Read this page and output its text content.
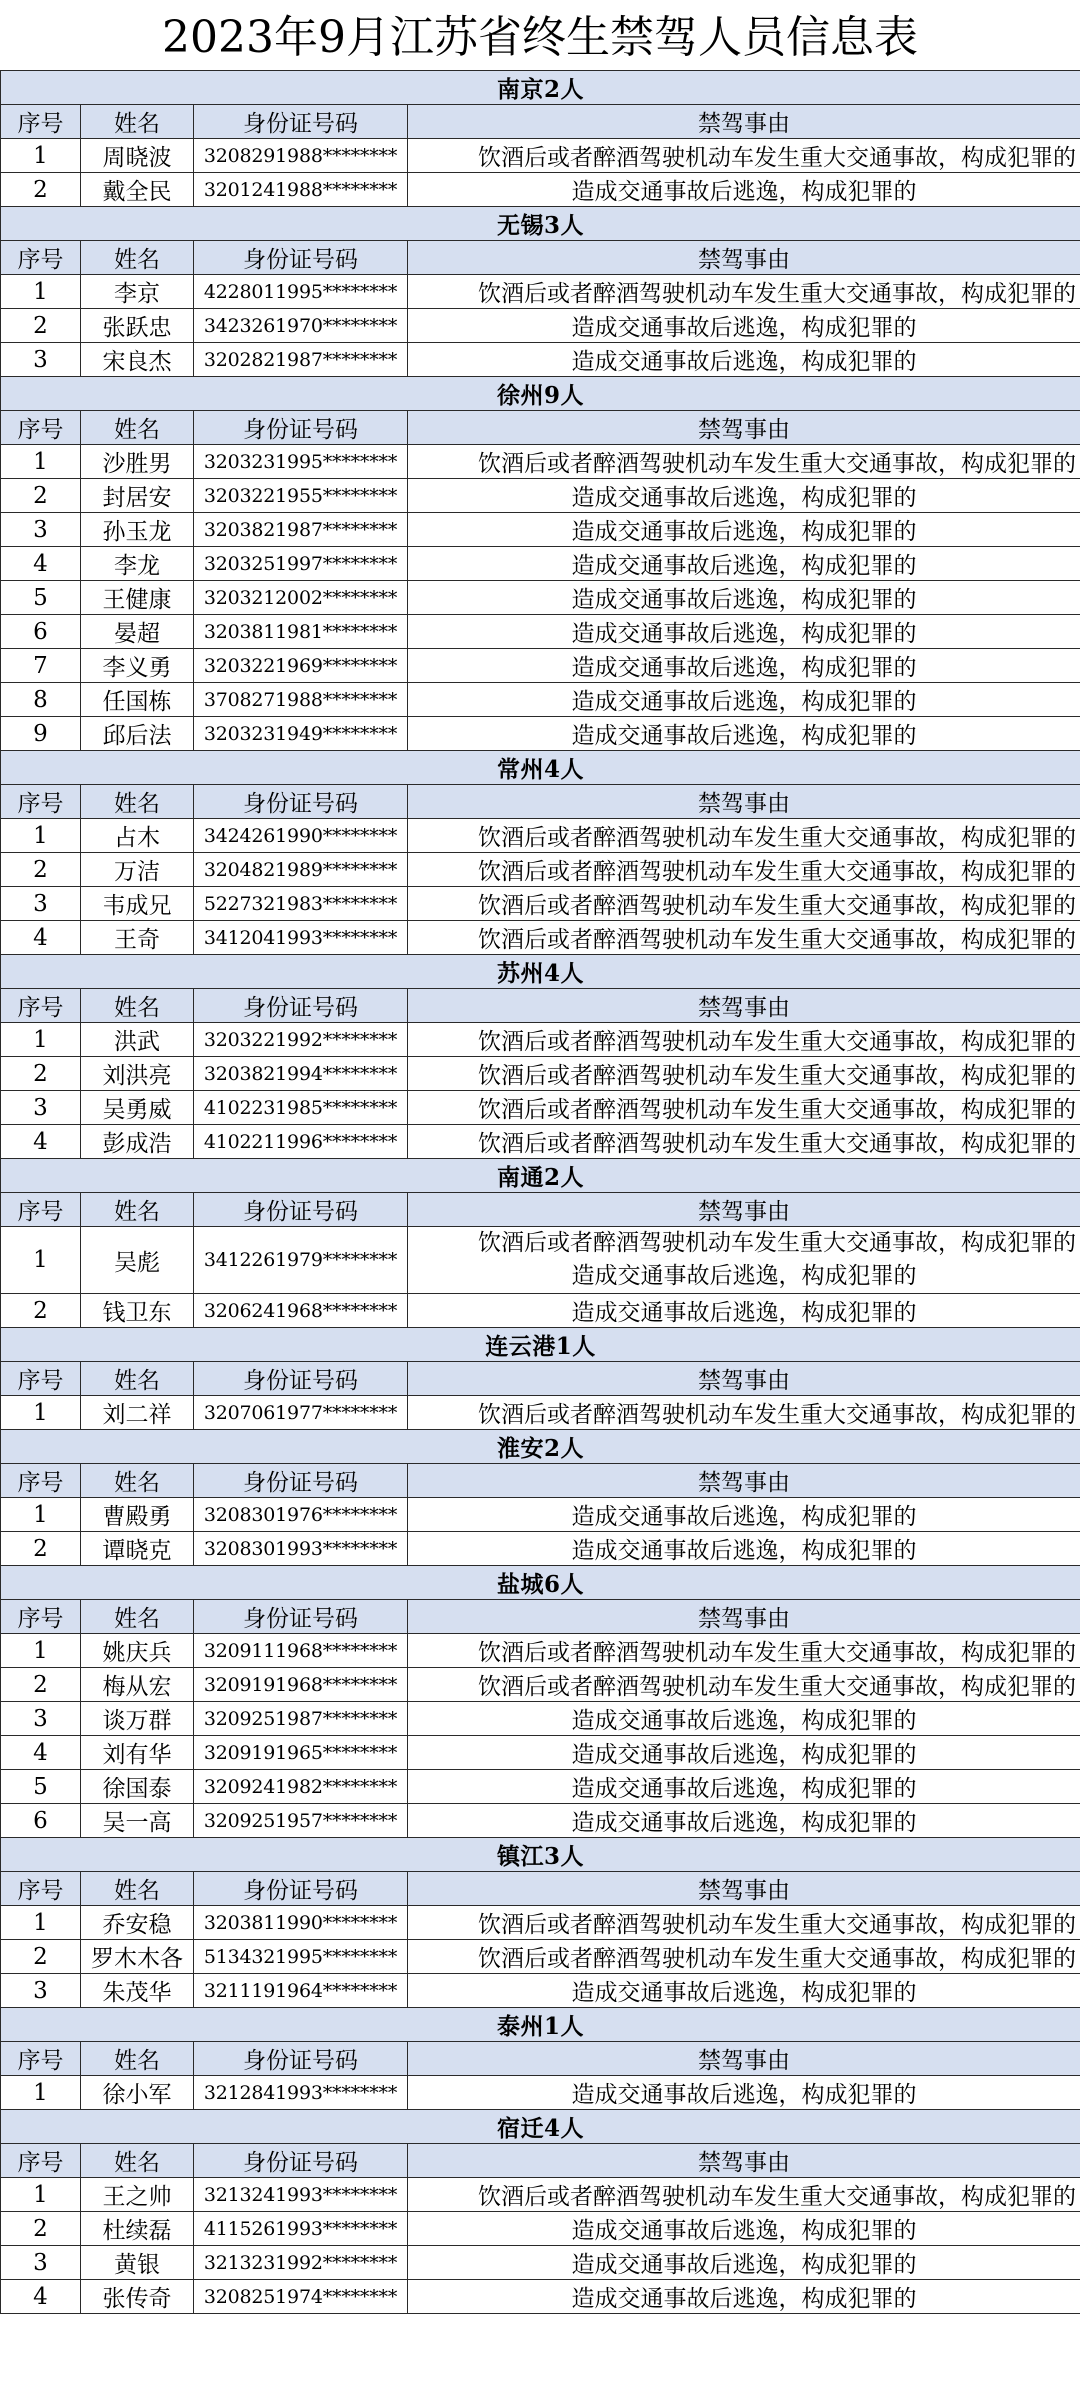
2023年9月江苏省终生禁驾人员信息表
南京2人			
序号	姓名	身份证号码	禁驾事由
1	周晓波	3208291988********	饮酒后或者醉酒驾驶机动车发生重大交通事故，构成犯罪的
2	戴全民	3201241988********	造成交通事故后逃逸，构成犯罪的
无锡3人			
序号	姓名	身份证号码	禁驾事由
1	李京	4228011995********	饮酒后或者醉酒驾驶机动车发生重大交通事故，构成犯罪的
2	张跃忠	3423261970********	造成交通事故后逃逸，构成犯罪的
3	宋良杰	3202821987********	造成交通事故后逃逸，构成犯罪的
徐州9人			
序号	姓名	身份证号码	禁驾事由
1	沙胜男	3203231995********	饮酒后或者醉酒驾驶机动车发生重大交通事故，构成犯罪的
2	封居安	3203221955********	造成交通事故后逃逸，构成犯罪的
3	孙玉龙	3203821987********	造成交通事故后逃逸，构成犯罪的
4	李龙	3203251997********	造成交通事故后逃逸，构成犯罪的
5	王健康	3203212002********	造成交通事故后逃逸，构成犯罪的
6	晏超	3203811981********	造成交通事故后逃逸，构成犯罪的
7	李义勇	3203221969********	造成交通事故后逃逸，构成犯罪的
8	任国栋	3708271988********	造成交通事故后逃逸，构成犯罪的
9	邱后法	3203231949********	造成交通事故后逃逸，构成犯罪的
常州4人			
序号	姓名	身份证号码	禁驾事由
1	占木	3424261990********	饮酒后或者醉酒驾驶机动车发生重大交通事故，构成犯罪的
2	万洁	3204821989********	饮酒后或者醉酒驾驶机动车发生重大交通事故，构成犯罪的
3	韦成兄	5227321983********	饮酒后或者醉酒驾驶机动车发生重大交通事故，构成犯罪的
4	王奇	3412041993********	饮酒后或者醉酒驾驶机动车发生重大交通事故，构成犯罪的
苏州4人			
序号	姓名	身份证号码	禁驾事由
1	洪武	3203221992********	饮酒后或者醉酒驾驶机动车发生重大交通事故，构成犯罪的
2	刘洪亮	3203821994********	饮酒后或者醉酒驾驶机动车发生重大交通事故，构成犯罪的
3	吴勇威	4102231985********	饮酒后或者醉酒驾驶机动车发生重大交通事故，构成犯罪的
4	彭成浩	4102211996********	饮酒后或者醉酒驾驶机动车发生重大交通事故，构成犯罪的
南通2人			
序号	姓名	身份证号码	禁驾事由
1	吴彪	3412261979********	饮酒后或者醉酒驾驶机动车发生重大交通事故，构成犯罪的
造成交通事故后逃逸，构成犯罪的

2	钱卫东	3206241968********	造成交通事故后逃逸，构成犯罪的
连云港1人			
序号	姓名	身份证号码	禁驾事由
1	刘二祥	3207061977********	饮酒后或者醉酒驾驶机动车发生重大交通事故，构成犯罪的
淮安2人			
序号	姓名	身份证号码	禁驾事由
1	曹殿勇	3208301976********	造成交通事故后逃逸，构成犯罪的
2	谭晓克	3208301993********	造成交通事故后逃逸，构成犯罪的
盐城6人			
序号	姓名	身份证号码	禁驾事由
1	姚庆兵	3209111968********	饮酒后或者醉酒驾驶机动车发生重大交通事故，构成犯罪的
2	梅从宏	3209191968********	饮酒后或者醉酒驾驶机动车发生重大交通事故，构成犯罪的
3	谈万群	3209251987********	造成交通事故后逃逸，构成犯罪的
4	刘有华	3209191965********	造成交通事故后逃逸，构成犯罪的
5	徐国泰	3209241982********	造成交通事故后逃逸，构成犯罪的
6	吴一高	3209251957********	造成交通事故后逃逸，构成犯罪的
镇江3人			
序号	姓名	身份证号码	禁驾事由
1	乔安稳	3203811990********	饮酒后或者醉酒驾驶机动车发生重大交通事故，构成犯罪的
2	罗木木各	5134321995********	饮酒后或者醉酒驾驶机动车发生重大交通事故，构成犯罪的
3	朱茂华	3211191964********	造成交通事故后逃逸，构成犯罪的
泰州1人			
序号	姓名	身份证号码	禁驾事由
1	徐小军	3212841993********	造成交通事故后逃逸，构成犯罪的
宿迁4人			
序号	姓名	身份证号码	禁驾事由
1	王之帅	3213241993********	饮酒后或者醉酒驾驶机动车发生重大交通事故，构成犯罪的
2	杜续磊	4115261993********	造成交通事故后逃逸，构成犯罪的
3	黄银	3213231992********	造成交通事故后逃逸，构成犯罪的
4	张传奇	3208251974********	造成交通事故后逃逸，构成犯罪的
